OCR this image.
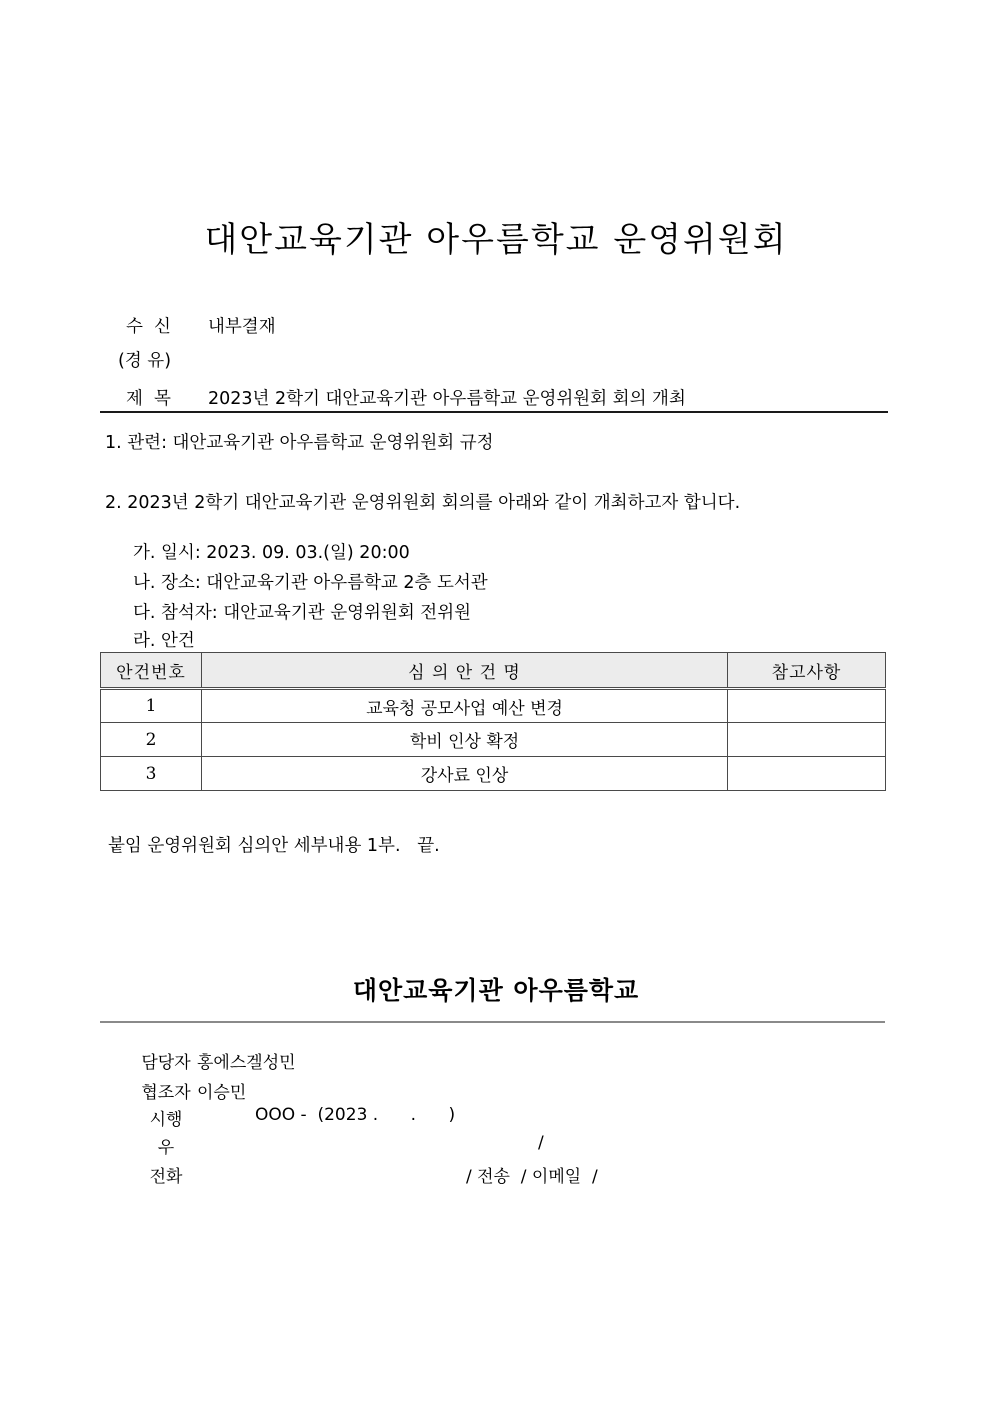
대안교육기관 아우름학교 운영위원회
수  신 내부결재
(경 유)
제  목 2023년 2학기 대안교육기관 아우름학교 운영위원회 회의 개최
1. 관련: 대안교육기관 아우름학교 운영위원회 규정
2. 2023년 2학기 대안교육기관 운영위원회 회의를 아래와 같이 개최하고자 합니다.
가. 일시: 2023. 09. 03.(일) 20:00
나. 장소: 대안교육기관 아우름학교 2층 도서관
다. 참석자: 대안교육기관 운영위원회 전위원
라. 안건
안건번호	심 의 안 건 명	참고사항
1	교육청 공모사업 예산 변경	
2	학비 인상 확정	
3	강사료 인상	
붙임 운영위원회 심의안 세부내용 1부.   끝.
대안교육기관 아우름학교
담당자 홍에스겔성민
협조자 이승민
시행	OOO -  (2023 .      .      )
우	/
전화	/ 전송  / 이메일  /
